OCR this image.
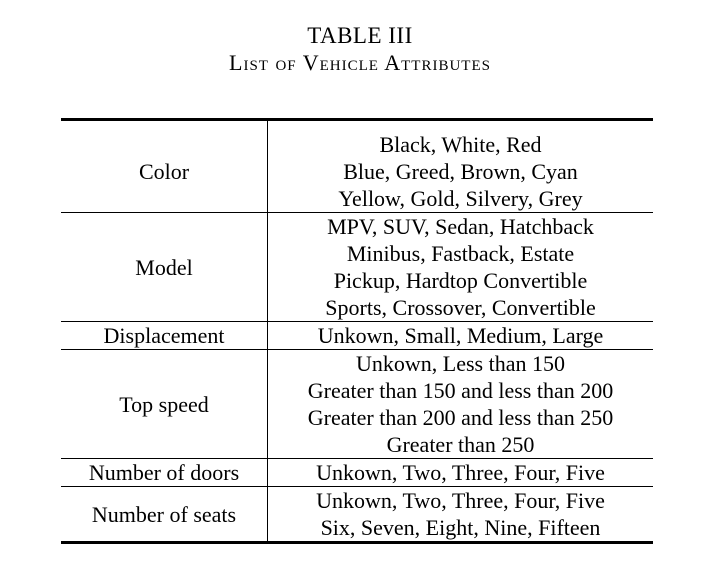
TABLE III
List of Vehicle Attributes
Color	Black, White, Red
Blue, Greed, Brown, Cyan
Yellow, Gold, Silvery, Grey

Model	MPV, SUV, Sedan, Hatchback
Minibus, Fastback, Estate
Pickup, Hardtop Convertible
Sports, Crossover, Convertible

Displacement	Unkown, Small, Medium, Large

Top speed	Unkown, Less than 150
Greater than 150 and less than 200
Greater than 200 and less than 250
Greater than 250

Number of doors	Unkown, Two, Three, Four, Five

Number of seats	Unkown, Two, Three, Four, Five
Six, Seven, Eight, Nine, Fifteen
